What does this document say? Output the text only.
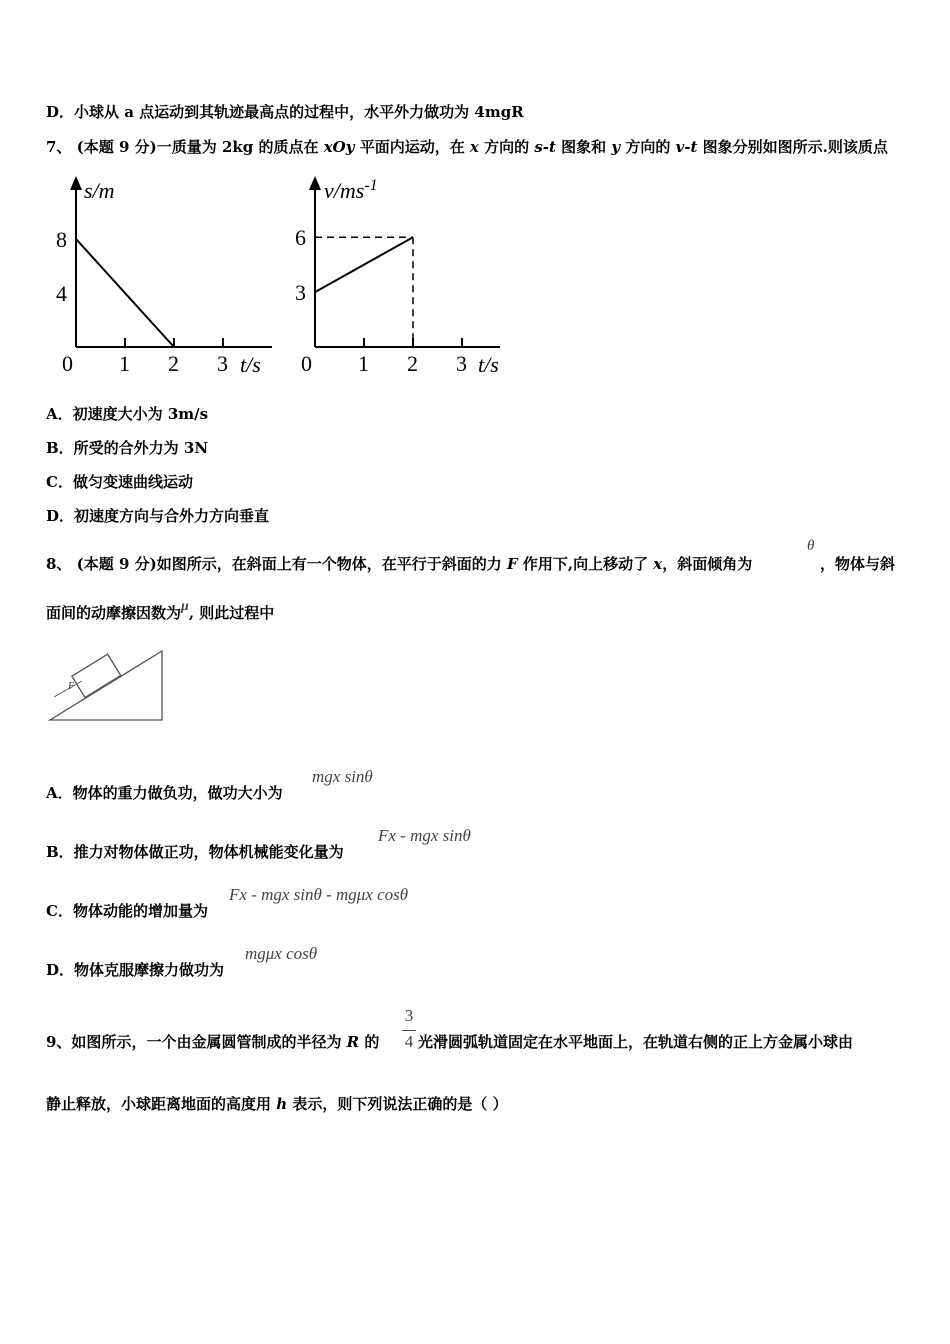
D．小球从 a 点运动到其轨迹最高点的过程中，水平外力做功为 4mgR
7、 (本题 9 分)一质量为 2kg 的质点在 xOy 平面内运动，在 x 方向的 s-t 图象和 y 方向的 v-t 图象分别如图所示.则该质点
s/m
0 1 2 3
4
8
t/s
$v/ms^{-1}$
0 1 2 3
3
6
t/s
A．初速度大小为 3m/s
B．所受的合外力为 3N
C．做匀变速曲线运动
D．初速度方向与合外力方向垂直
8、 (本题 9 分)如图所示，在斜面上有一个物体，在平行于斜面的力 F 作用下,向上移动了 x，斜面倾角为
θ
，物体与斜
面间的动摩擦因数为μ, 则此过程中
F
A．物体的重力做负功，做功大小为
mgx sinθ
B．推力对物体做正功，物体机械能变化量为
Fx - mgx sinθ
C．物体动能的增加量为
Fx - mgx sinθ - mgμx cosθ
D．物体克服摩擦力做功为
mgμx cosθ
9、如图所示，一个由金属圆管制成的半径为 R 的
3
4 光滑圆弧轨道固定在水平地面上，在轨道右侧的正上方金属小球由
静止释放，小球距离地面的高度用 h 表示，则下列说法正确的是（ ）
